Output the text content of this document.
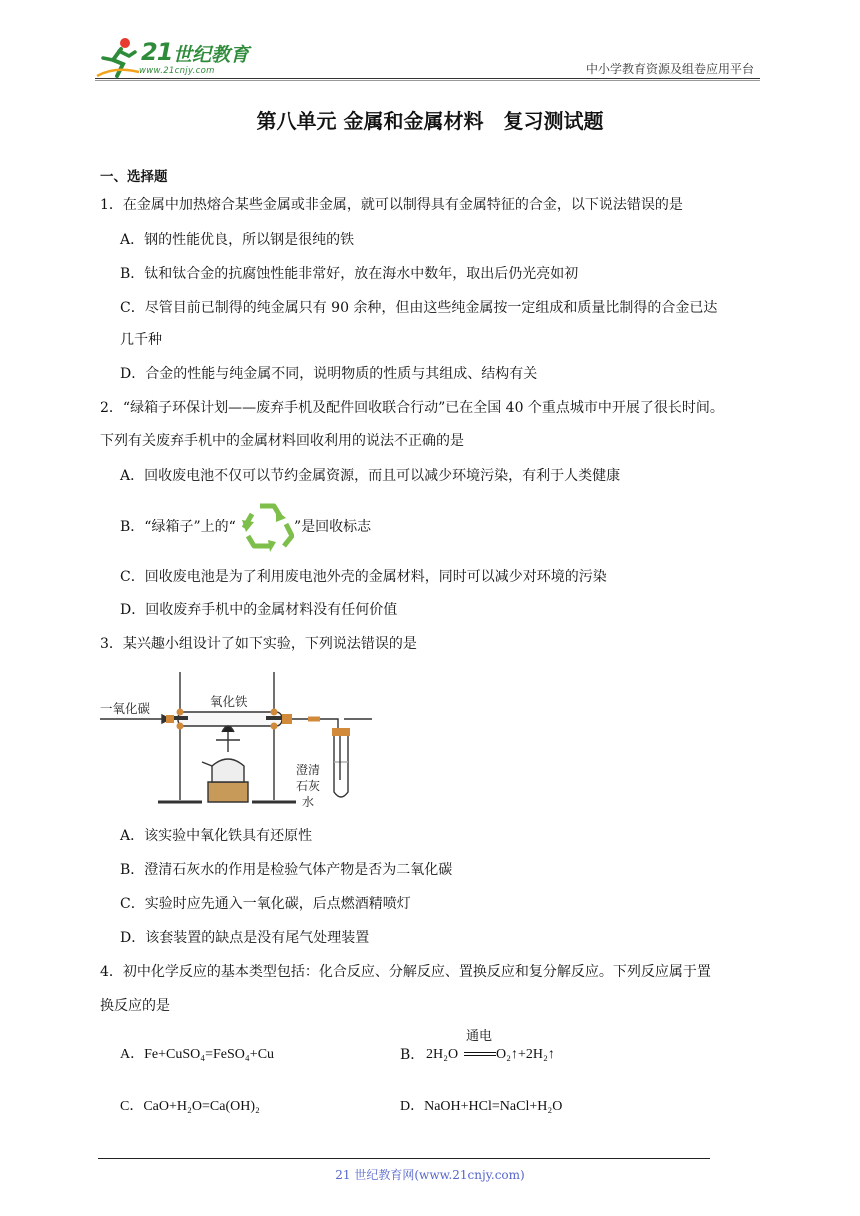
21 世纪教育
www.21cnjy.com	中小学教育资源及组卷应用平台
第八单元 金属和金属材料　复习测试题
一、选择题
1．在金属中加热熔合某些金属或非金属，就可以制得具有金属特征的合金，以下说法错误的是
A．钢的性能优良，所以钢是很纯的铁
B．钛和钛合金的抗腐蚀性能非常好，放在海水中数年，取出后仍光亮如初
C．尽管目前已制得的纯金属只有 90 余种，但由这些纯金属按一定组成和质量比制得的合金已达
几千种
D．合金的性能与纯金属不同，说明物质的性质与其组成、结构有关
2．“绿箱子环保计划——废弃手机及配件回收联合行动”已在全国 40 个重点城市中开展了很长时间。
下列有关废弃手机中的金属材料回收利用的说法不正确的是
A．回收废电池不仅可以节约金属资源，而且可以减少环境污染，有利于人类健康
B．“绿箱子”上的“	”是回收标志
C．回收废电池是为了利用废电池外壳的金属材料，同时可以减少对环境的污染
D．回收废弃手机中的金属材料没有任何价值
3．某兴趣小组设计了如下实验，下列说法错误的是
一氧化碳	氧化铁
澄清
石灰
水
A．该实验中氧化铁具有还原性
B．澄清石灰水的作用是检验气体产物是否为二氧化碳
C．实验时应先通入一氧化碳，后点燃酒精喷灯
D．该套装置的缺点是没有尾气处理装置
4．初中化学反应的基本类型包括：化合反应、分解反应、置换反应和复分解反应。下列反应属于置
换反应的是
A．Fe+CuSO₄=FeSO₄+Cu	B． 2H₂O
通电
O₂↑+2H₂↑
C．CaO+H₂O=Ca(OH)₂	D．NaOH+HCl=NaCl+H₂O
21 世纪教育网(www.21cnjy.com)
